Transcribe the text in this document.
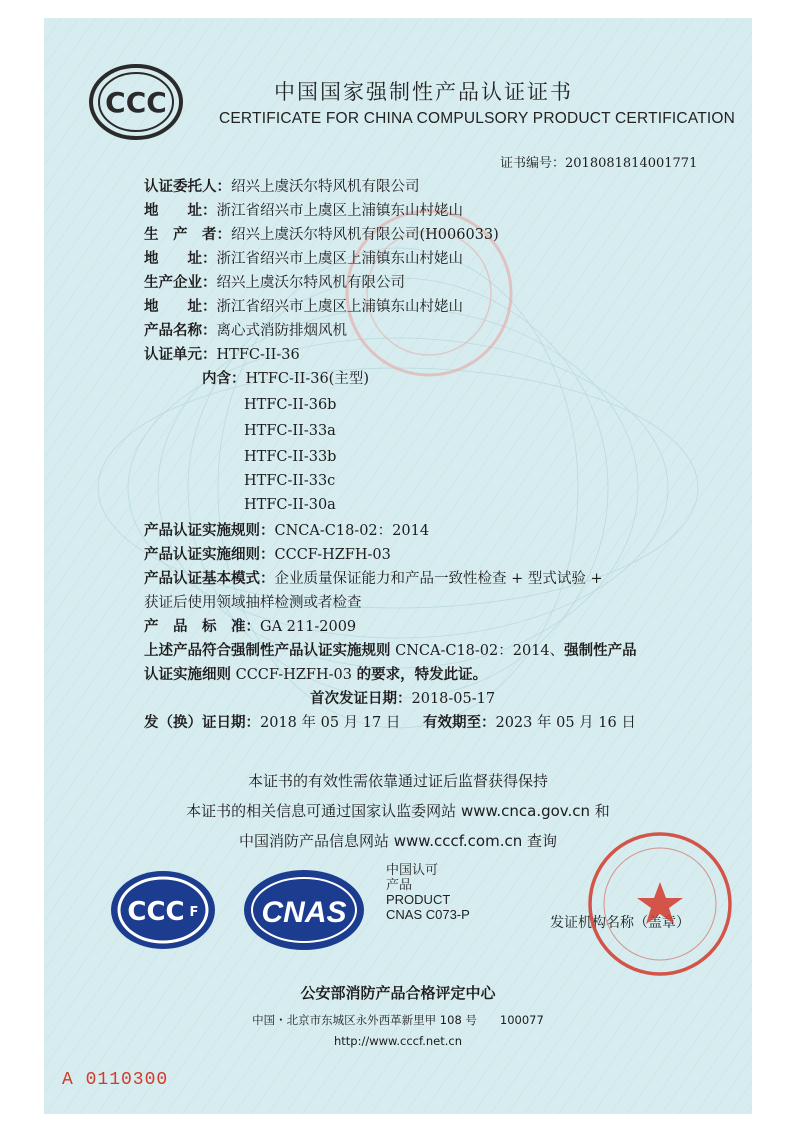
CCC	中国国家强制性产品认证证书
CERTIFICATE FOR CHINA COMPULSORY PRODUCT CERTIFICATION
证书编号：2018081814001771
认证委托人：绍兴上虞沃尔特风机有限公司
地　　址：浙江省绍兴市上虞区上浦镇东山村姥山
生　产　者：绍兴上虞沃尔特风机有限公司(H006033)
地　　址：浙江省绍兴市上虞区上浦镇东山村姥山
生产企业：绍兴上虞沃尔特风机有限公司
地　　址：浙江省绍兴市上虞区上浦镇东山村姥山
产品名称：离心式消防排烟风机
认证单元：HTFC-II-36
内含：HTFC-II-36(主型)
HTFC-II-36b
HTFC-II-33a
HTFC-II-33b
HTFC-II-33c
HTFC-II-30a
产品认证实施规则：CNCA-C18-02：2014
产品认证实施细则：CCCF-HZFH-03
产品认证基本模式：企业质量保证能力和产品一致性检查 + 型式试验 +
获证后使用领域抽样检测或者检查
产　品　标　准：GA 211-2009
上述产品符合强制性产品认证实施规则 CNCA-C18-02：2014、强制性产品
认证实施细则 CCCF-HZFH-03 的要求，特发此证。
首次发证日期：2018-05-17
发（换）证日期：2018 年 05 月 17 日 有效期至：2023 年 05 月 16 日
本证书的有效性需依靠通过证后监督获得保持
本证书的相关信息可通过国家认监委网站 www.cnca.gov.cn 和
中国消防产品信息网站 www.cccf.com.cn 查询
CCC F CNAS
中国认可
产品
PRODUCT
CNAS C073-P
发证机构名称（盖章）
公安部消防产品合格评定中心
中国・北京市东城区永外西革新里甲 108 号　　100077
http://www.cccf.net.cn
A 0110300
